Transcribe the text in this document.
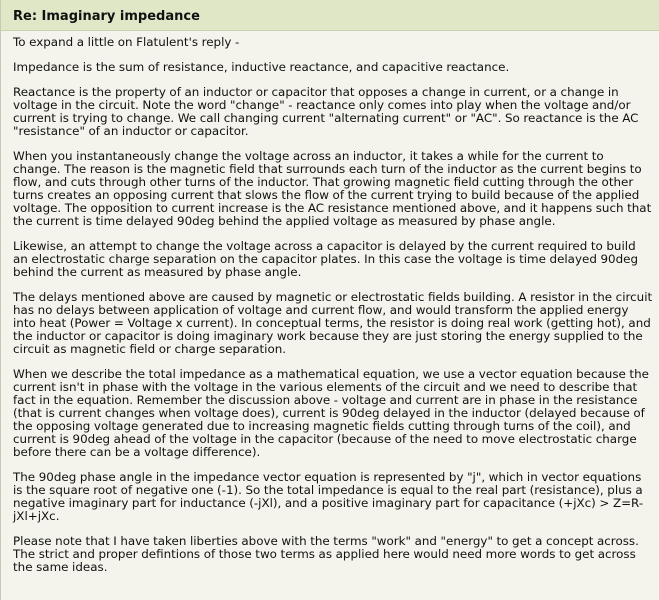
Re: Imaginary impedance

To expand a little on Flatulent's reply -

Impedance is the sum of resistance, inductive reactance, and capacitive reactance.

Reactance is the property of an inductor or capacitor that opposes a change in current, or a change in voltage in the circuit. Note the word "change" - reactance only comes into play when the voltage and/or current is trying to change. We call changing current "alternating current" or "AC". So reactance is the AC "resistance" of an inductor or capacitor.

When you instantaneously change the voltage across an inductor, it takes a while for the current to change. The reason is the magnetic field that surrounds each turn of the inductor as the current begins to flow, and cuts through other turns of the inductor. That growing magnetic field cutting through the other turns creates an opposing current that slows the flow of the current trying to build because of the applied voltage. The opposition to current increase is the AC resistance mentioned above, and it happens such that the current is time delayed 90deg behind the applied voltage as measured by phase angle.

Likewise, an attempt to change the voltage across a capacitor is delayed by the current required to build an electrostatic charge separation on the capacitor plates. In this case the voltage is time delayed 90deg behind the current as measured by phase angle.

The delays mentioned above are caused by magnetic or electrostatic fields building. A resistor in the circuit has no delays between application of voltage and current flow, and would transform the applied energy into heat (Power = Voltage x current). In conceptual terms, the resistor is doing real work (getting hot), and the inductor or capacitor is doing imaginary work because they are just storing the energy supplied to the circuit as magnetic field or charge separation.

When we describe the total impedance as a mathematical equation, we use a vector equation because the current isn't in phase with the voltage in the various elements of the circuit and we need to describe that fact in the equation. Remember the discussion above - voltage and current are in phase in the resistance (that is current changes when voltage does), current is 90deg delayed in the inductor (delayed because of the opposing voltage generated due to increasing magnetic fields cutting through turns of the coil), and current is 90deg ahead of the voltage in the capacitor (because of the need to move electrostatic charge before there can be a voltage difference).

The 90deg phase angle in the impedance vector equation is represented by "j", which in vector equations is the square root of negative one (-1). So the total impedance is equal to the real part (resistance), plus a negative imaginary part for inductance (-jXl), and a positive imaginary part for capacitance (+jXc) > Z=R-jXl+jXc.

Please note that I have taken liberties above with the terms "work" and "energy" to get a concept across. The strict and proper defintions of those two terms as applied here would need more words to get across the same ideas.
